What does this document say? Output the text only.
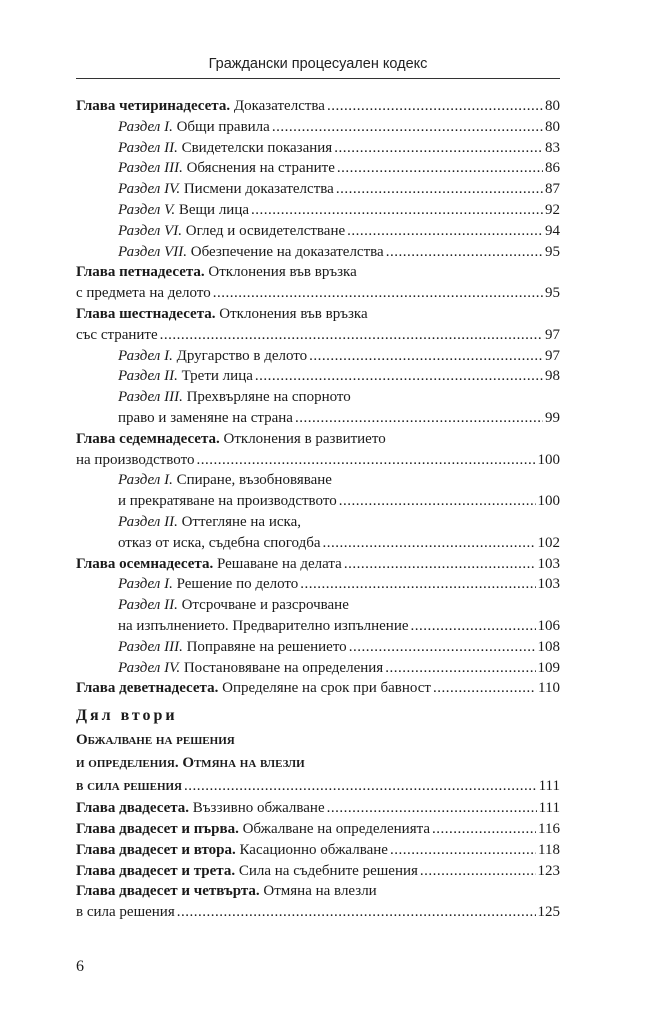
Граждански процесуален кодекс
Глава четиринадесета. Доказателства .....	80
Раздел I. Общи правила .....	80
Раздел II. Свидетелски показания .....	83
Раздел III. Обяснения на страните .....	86
Раздел IV. Писмени доказателства .....	87
Раздел V. Вещи лица .....	92
Раздел VI. Оглед и освидетелстване .....	94
Раздел VII. Обезпечение на доказателства .....	95
Глава петнадесета. Отклонения във връзка
с предмета на делото .....	95
Глава шестнадесета. Отклонения във връзка
със страните .....	97
Раздел I. Другарство в делото .....	97
Раздел II. Трети лица .....	98
Раздел III. Прехвърляне на спорното
право и заменяне на страна .....	99
Глава седемнадесета. Отклонения в развитието
на производството .....	100
Раздел I. Спиране, възобновяване
и прекратяване на производството .....	100
Раздел II. Оттегляне на иска,
отказ от иска, съдебна спогодба .....	102
Глава осемнадесета. Решаване на делата .....	103
Раздел I. Решение по делото .....	103
Раздел II. Отсрочване и разсрочване
на изпълнението. Предварително изпълнение .....	106
Раздел III. Поправяне на решението .....	108
Раздел IV. Постановяване на определения .....	109
Глава деветнадесета. Определяне на срок при бавност .....	110
Дял втори
Обжалване на решения
и определения. Отмяна на влезли
в сила решения .....	111
Глава двадесета. Въззивно обжалване .....	111
Глава двадесет и първа. Обжалване на определенията .....	116
Глава двадесет и втора. Касационно обжалване .....	118
Глава двадесет и трета. Сила на съдебните решения .....	123
Глава двадесет и четвърта. Отмяна на влезли
в сила решения .....	125
6
